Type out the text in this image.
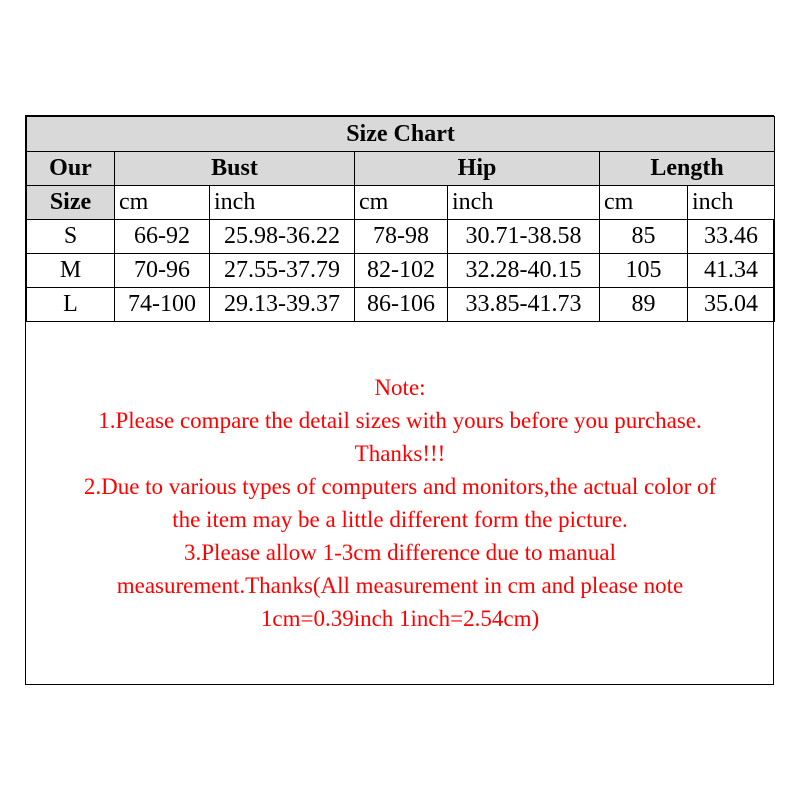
Size Chart						
Our	Bust		Hip		Length	
Size	cm	inch	cm	inch	cm	inch
S	66-92	25.98-36.22	78-98	30.71-38.58	85	33.46
M	70-96	27.55-37.79	82-102	32.28-40.15	105	41.34
L	74-100	29.13-39.37	86-106	33.85-41.73	89	35.04
Note:
1.Please compare the detail sizes with yours before you purchase.
Thanks!!!
2.Due to various types of computers and monitors,the actual color of
the item may be a little different form the picture.
3.Please allow 1-3cm difference due to manual
measurement.Thanks(All measurement in cm and please note
1cm=0.39inch 1inch=2.54cm)
